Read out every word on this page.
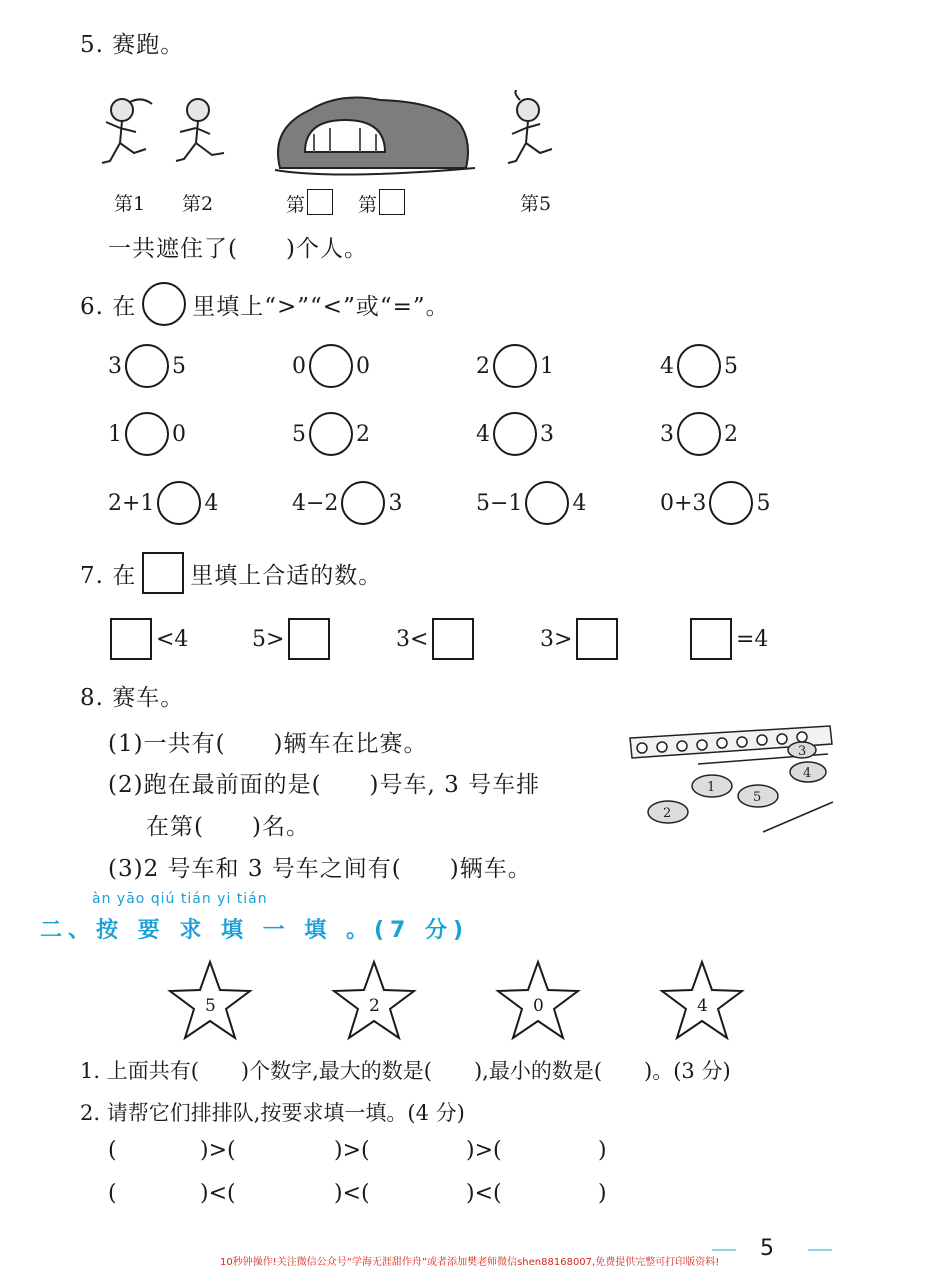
5. 赛跑。
第1 第2	第	第	第5
一共遮住了(　　)个人。
6. 在 里填上“>”“<”或“=”。
3 5	0 0	2 1	4 5
1 0	5 2	4 3	3 2
2+1 4	4−2 3	5−1 4	0+3 5
7. 在 里填上合适的数。
<4	5>	3<	3>	=4
8. 赛车。
(1)一共有(　　)辆车在比赛。
(2)跑在最前面的是(　　)号车, 3 号车排
在第(　　)名。
(3)2 号车和 3 号车之间有(　　)辆车。
2
1
5
4
3
àn yāo qiú tián yi tián
二、按 要 求 填 一 填 。(7 分)
5	2	0	4
1. 上面共有(　　)个数字,最大的数是(　　),最小的数是(　　)。(3 分)
2. 请帮它们排排队,按要求填一填。(4 分)
(	)>(	)>(	)>(	)
(	)<(	)<(	)<(	)
5
10秒钟操作!关注微信公众号“学海无涯甜作舟”或者添加樊老师微信shen88168007,免费提供完整可打印版资料!
